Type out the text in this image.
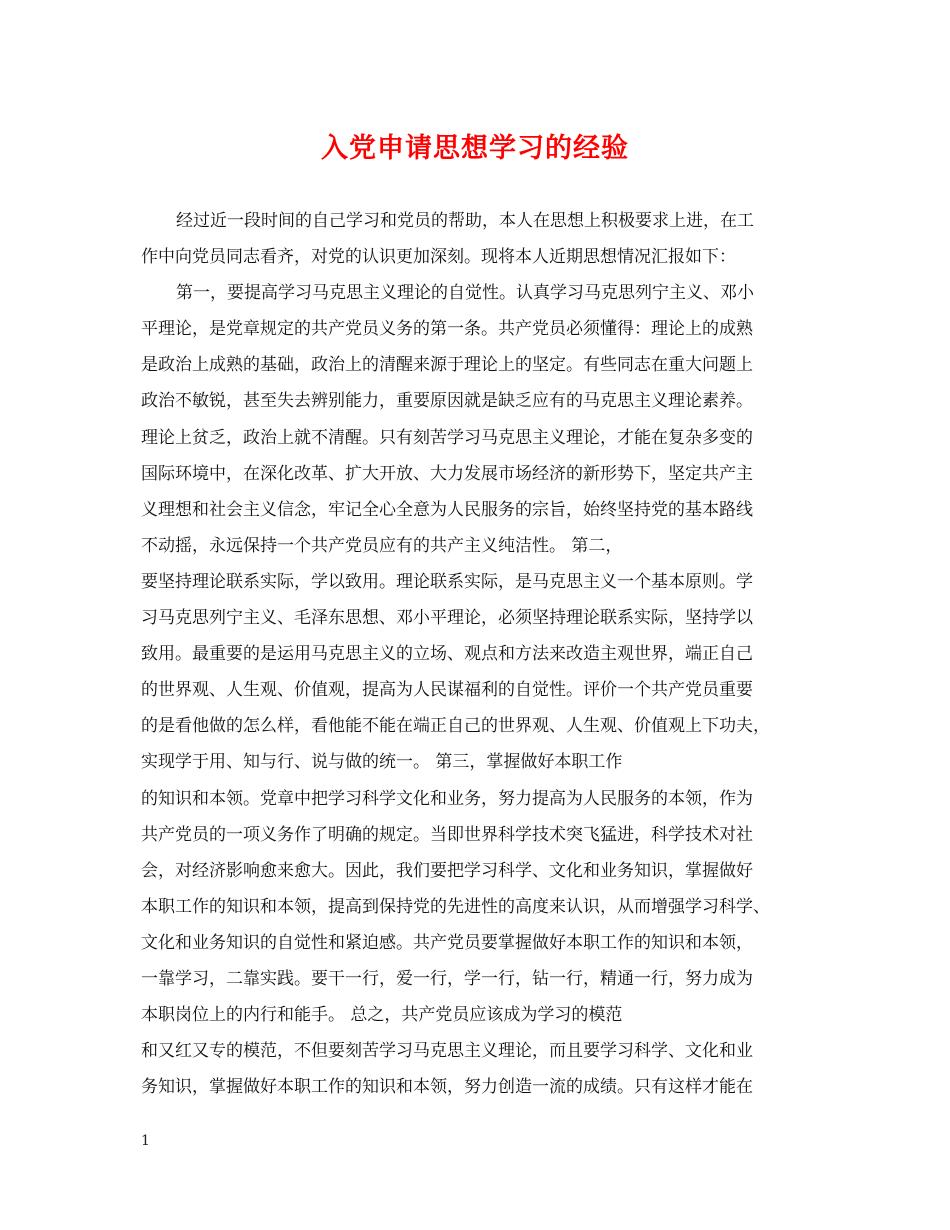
入党申请思想学习的经验
经过近一段时间的自己学习和党员的帮助，本人在思想上积极要求上进，在工
作中向党员同志看齐，对党的认识更加深刻。现将本人近期思想情况汇报如下：
第一，要提高学习马克思主义理论的自觉性。认真学习马克思列宁主义、邓小
平理论，是党章规定的共产党员义务的第一条。共产党员必须懂得：理论上的成熟
是政治上成熟的基础，政治上的清醒来源于理论上的坚定。有些同志在重大问题上
政治不敏锐，甚至失去辨别能力，重要原因就是缺乏应有的马克思主义理论素养。
理论上贫乏，政治上就不清醒。只有刻苦学习马克思主义理论，才能在复杂多变的
国际环境中，在深化改革、扩大开放、大力发展市场经济的新形势下，坚定共产主
义理想和社会主义信念，牢记全心全意为人民服务的宗旨，始终坚持党的基本路线
不动摇，永远保持一个共产党员应有的共产主义纯洁性。 第二，
要坚持理论联系实际，学以致用。理论联系实际，是马克思主义一个基本原则。学
习马克思列宁主义、毛泽东思想、邓小平理论，必须坚持理论联系实际，坚持学以
致用。最重要的是运用马克思主义的立场、观点和方法来改造主观世界，端正自己
的世界观、人生观、价值观，提高为人民谋福利的自觉性。评价一个共产党员重要
的是看他做的怎么样，看他能不能在端正自己的世界观、人生观、价值观上下功夫，
实现学于用、知与行、说与做的统一。 第三，掌握做好本职工作
的知识和本领。党章中把学习科学文化和业务，努力提高为人民服务的本领，作为
共产党员的一项义务作了明确的规定。当即世界科学技术突飞猛进，科学技术对社
会，对经济影响愈来愈大。因此，我们要把学习科学、文化和业务知识，掌握做好
本职工作的知识和本领，提高到保持党的先进性的高度来认识，从而增强学习科学、
文化和业务知识的自觉性和紧迫感。共产党员要掌握做好本职工作的知识和本领，
一靠学习，二靠实践。要干一行，爱一行，学一行，钻一行，精通一行，努力成为
本职岗位上的内行和能手。 总之，共产党员应该成为学习的模范
和又红又专的模范，不但要刻苦学习马克思主义理论，而且要学习科学、文化和业
务知识，掌握做好本职工作的知识和本领，努力创造一流的成绩。只有这样才能在
1
